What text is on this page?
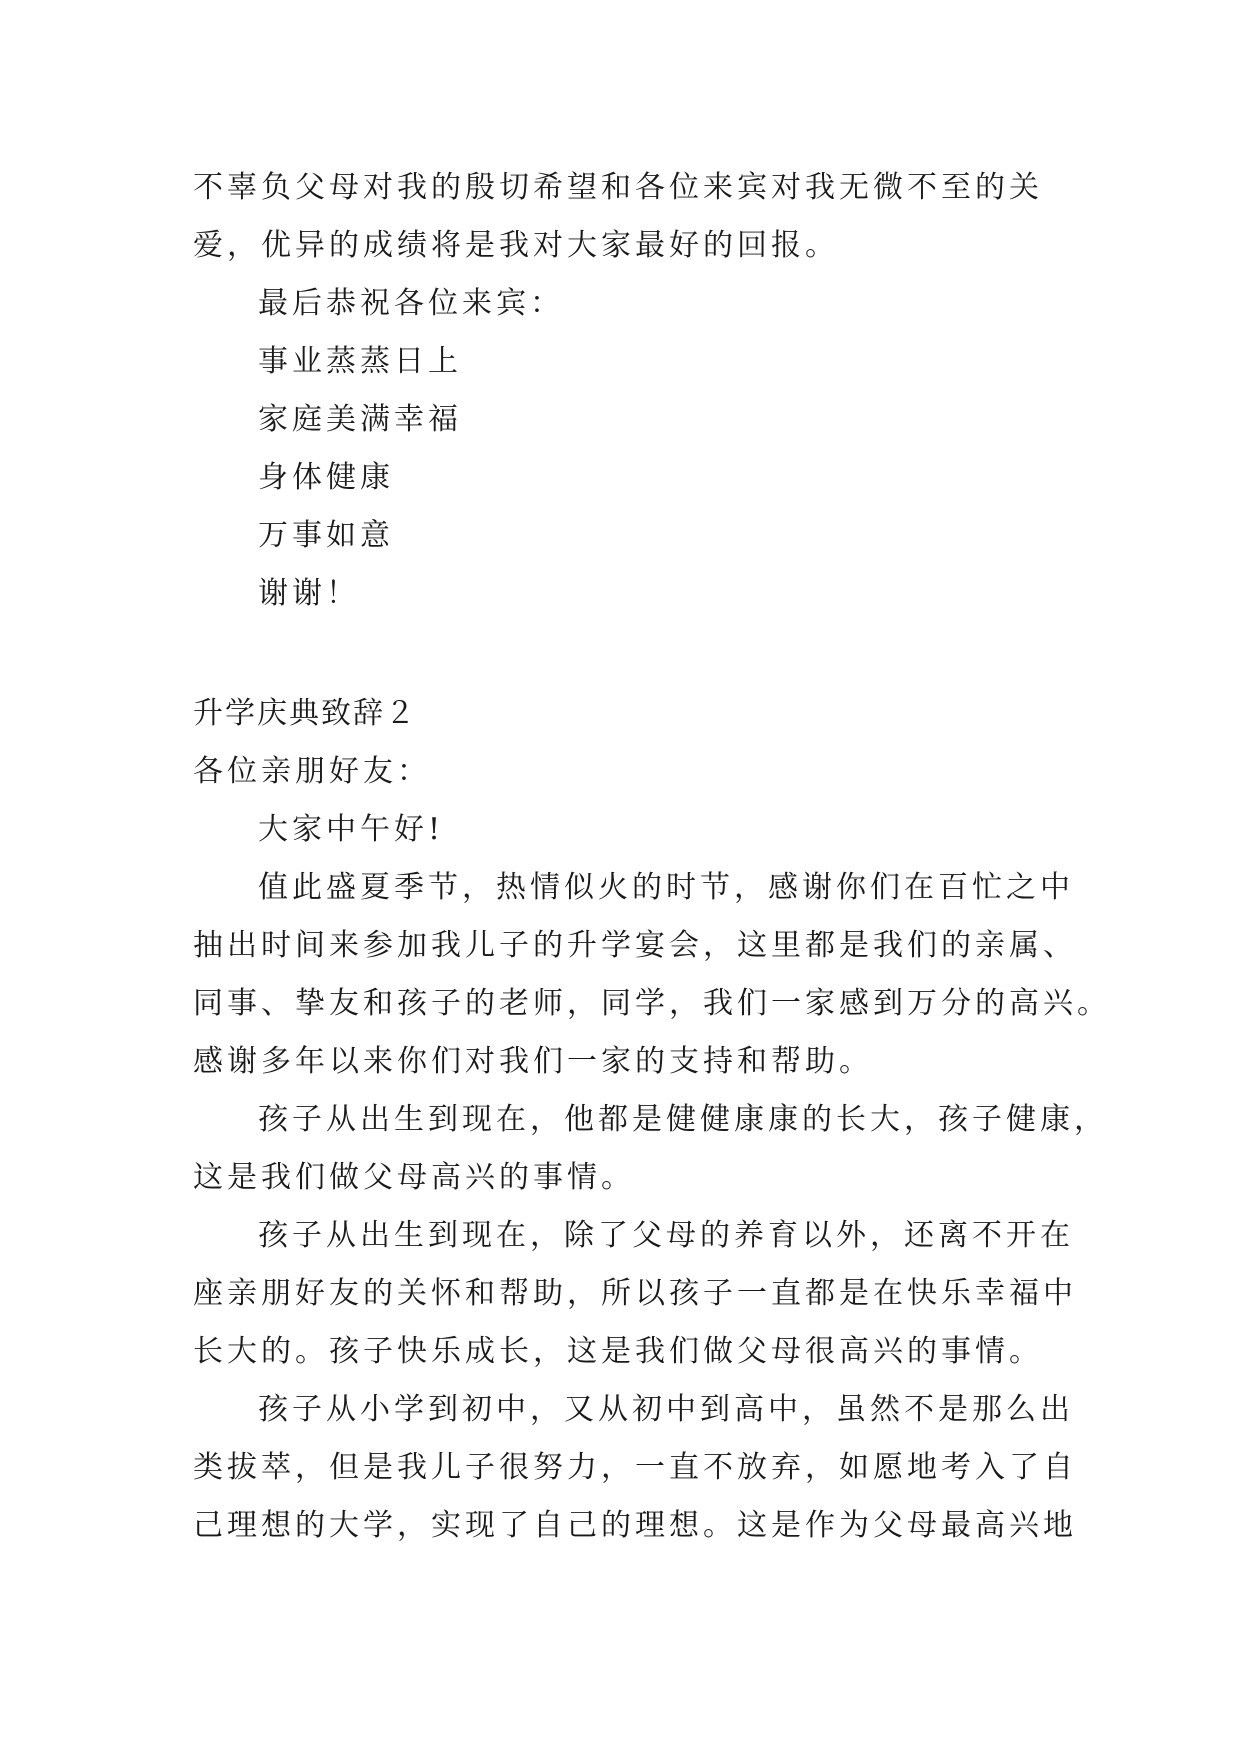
不辜负父母对我的殷切希望和各位来宾对我无微不至的关
爱，优异的成绩将是我对大家最好的回报。
最后恭祝各位来宾：
事业蒸蒸日上
家庭美满幸福
身体健康
万事如意
谢谢！
升学庆典致辞２
各位亲朋好友：
大家中午好!
值此盛夏季节，热情似火的时节，感谢你们在百忙之中
抽出时间来参加我儿子的升学宴会，这里都是我们的亲属、
同事、挚友和孩子的老师，同学，我们一家感到万分的高兴。
感谢多年以来你们对我们一家的支持和帮助。
孩子从出生到现在，他都是健健康康的长大，孩子健康，
这是我们做父母高兴的事情。
孩子从出生到现在，除了父母的养育以外，还离不开在
座亲朋好友的关怀和帮助，所以孩子一直都是在快乐幸福中
长大的。孩子快乐成长，这是我们做父母很高兴的事情。
孩子从小学到初中，又从初中到高中，虽然不是那么出
类拔萃，但是我儿子很努力，一直不放弃，如愿地考入了自
己理想的大学，实现了自己的理想。这是作为父母最高兴地
